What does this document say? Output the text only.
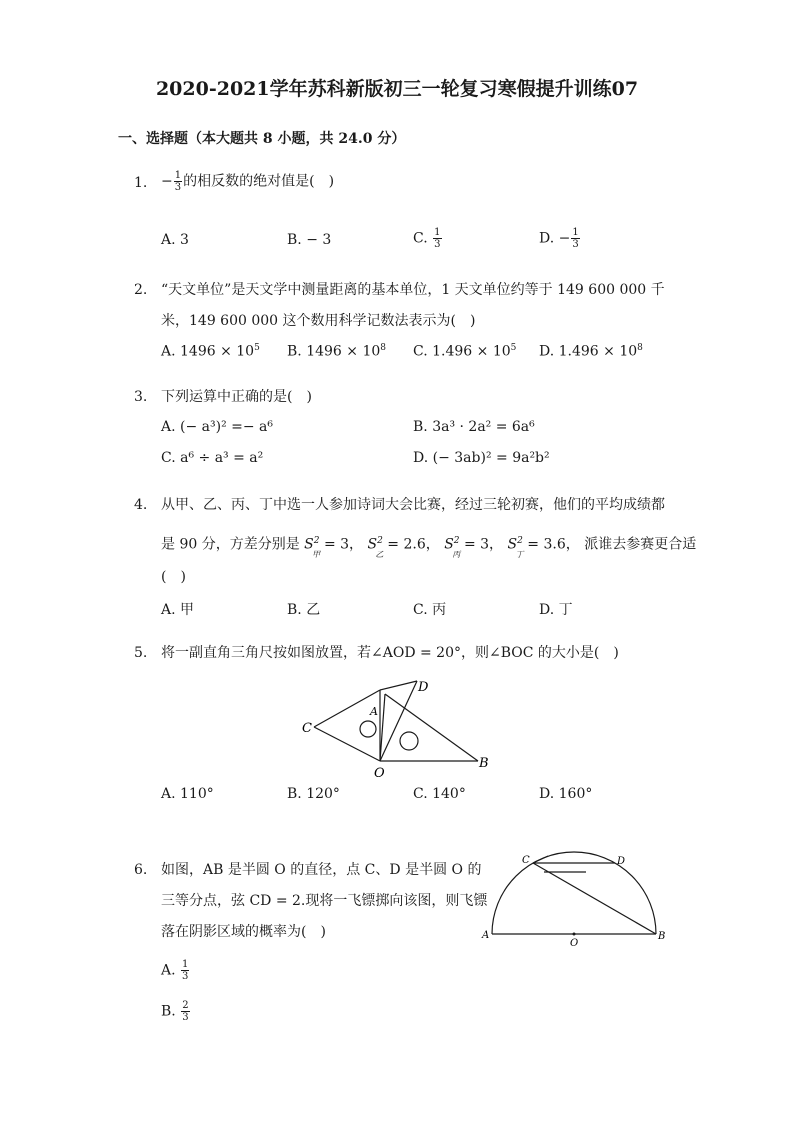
2020-2021学年苏科新版初三一轮复习寒假提升训练07
一、选择题（本大题共 8 小题，共 24.0 分）
1. − $\frac{1}{3}$ 的相反数的绝对值是(　)
A. 3	B. − 3	C. $\frac{1}{3}$	D. − $\frac{1}{3}$
2. “天文单位”是天文学中测量距离的基本单位，1 天文单位约等于 149 600 000 千
米，149 600 000 这个数用科学记数法表示为(　)
A. $1496 \times 10^5$ B. $1496 \times 10^8$ C. $1.496 \times 10^5$ D. $1.496 \times 10^8$
3. 下列运算中正确的是(　)
A. (− a³)² =− a⁶	B. 3a³ · 2a² = 6a⁶
C. a⁶ ÷ a³ = a²	D. (− 3ab)² = 9a²b²
4. 从甲、乙、丙、丁中选一人参加诗词大会比赛，经过三轮初赛，他们的平均成绩都
是 90 分，方差分别是 $S^2$
甲
= 3， $S^2$
乙
= 2.6， $S^2$
丙
= 3， $S^2$
丁
= 3.6， 派谁去参赛更合适
(　)
A. 甲	B. 乙	C. 丙	D. 丁
5. 将一副直角三角尺按如图放置，若∠AOD = 20°，则∠BOC 的大小是(　)
C
A
D
O
B
A. 110°	B. 120°	C. 140°	D. 160°
6. 如图，AB 是半圆 O 的直径，点 C、D 是半圆 O 的
三等分点，弦 CD = 2.现将一飞镖掷向该图，则飞镖
落在阴影区域的概率为(　)
C	D
A
O
B
A. $\frac{1}{3}$
B. $\frac{2}{3}$
